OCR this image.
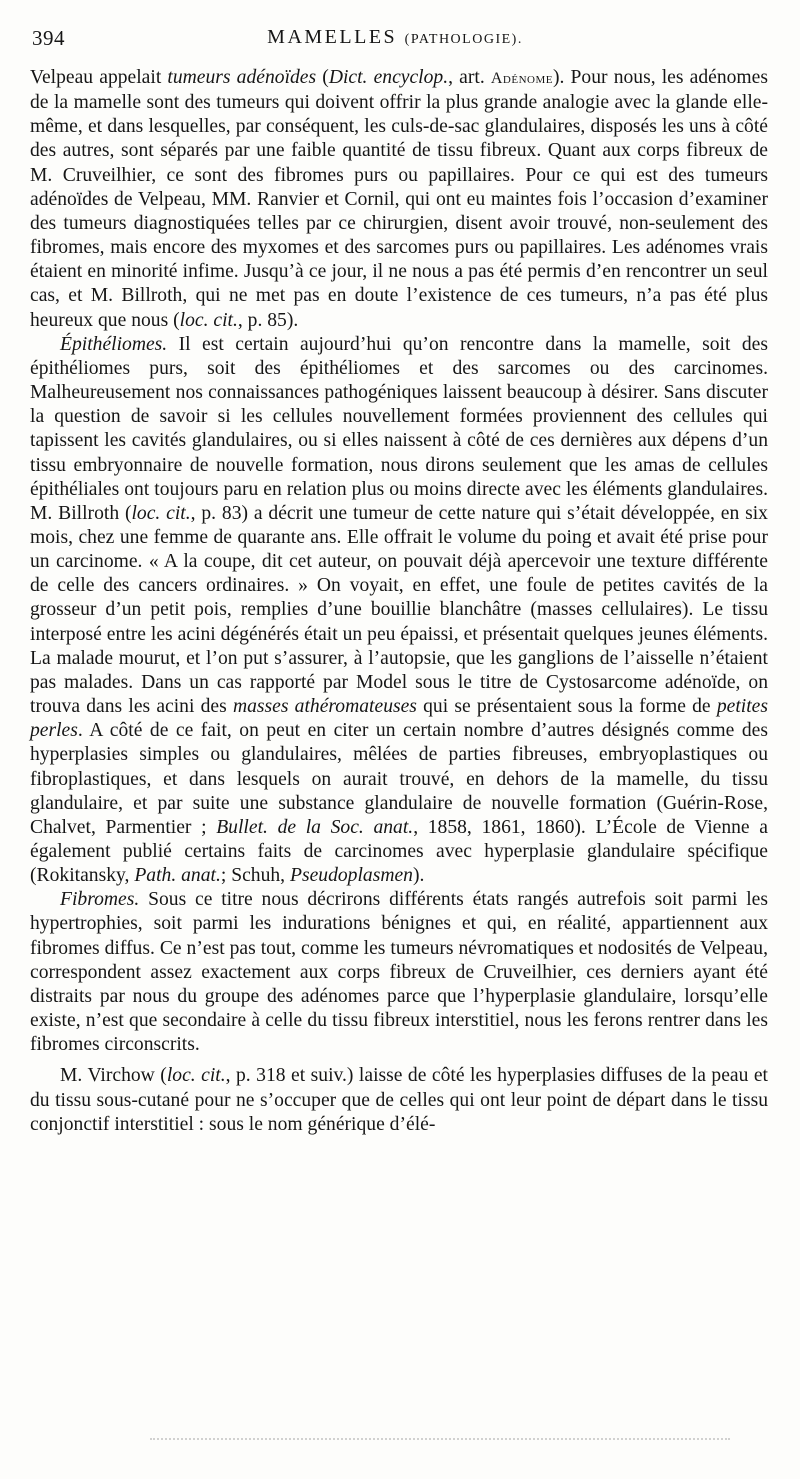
394	MAMELLES (PATHOLOGIE).

Velpeau appelait tumeurs adénoïdes (Dict. encyclop., art. Adénome). Pour nous, les adénomes de la mamelle sont des tumeurs qui doivent offrir la plus grande analogie avec la glande elle-même, et dans lesquelles, par conséquent, les culs-de-sac glandulaires, disposés les uns à côté des autres, sont séparés par une faible quantité de tissu fibreux. Quant aux corps fibreux de M. Cruveilhier, ce sont des fibromes purs ou papillaires. Pour ce qui est des tumeurs adénoïdes de Velpeau, MM. Ranvier et Cornil, qui ont eu maintes fois l’occasion d’examiner des tumeurs diagnostiquées telles par ce chirurgien, disent avoir trouvé, non-seulement des fibromes, mais encore des myxomes et des sarcomes purs ou papillaires. Les adénomes vrais étaient en minorité infime. Jusqu’à ce jour, il ne nous a pas été permis d’en rencontrer un seul cas, et M. Billroth, qui ne met pas en doute l’existence de ces tumeurs, n’a pas été plus heureux que nous (loc. cit., p. 85).

Épithéliomes. Il est certain aujourd’hui qu’on rencontre dans la mamelle, soit des épithéliomes purs, soit des épithéliomes et des sarcomes ou des carcinomes. Malheureusement nos connaissances pathogéniques laissent beaucoup à désirer. Sans discuter la question de savoir si les cellules nouvellement formées proviennent des cellules qui tapissent les cavités glandulaires, ou si elles naissent à côté de ces dernières aux dépens d’un tissu embryonnaire de nouvelle formation, nous dirons seulement que les amas de cellules épithéliales ont toujours paru en relation plus ou moins directe avec les éléments glandulaires. M. Billroth (loc. cit., p. 83) a décrit une tumeur de cette nature qui s’était développée, en six mois, chez une femme de quarante ans. Elle offrait le volume du poing et avait été prise pour un carcinome. « A la coupe, dit cet auteur, on pouvait déjà apercevoir une texture différente de celle des cancers ordinaires. » On voyait, en effet, une foule de petites cavités de la grosseur d’un petit pois, remplies d’une bouillie blanchâtre (masses cellulaires). Le tissu interposé entre les acini dégénérés était un peu épaissi, et présentait quelques jeunes éléments. La malade mourut, et l’on put s’assurer, à l’autopsie, que les ganglions de l’aisselle n’étaient pas malades. Dans un cas rapporté par Model sous le titre de Cystosarcome adénoïde, on trouva dans les acini des masses athéromateuses qui se présentaient sous la forme de petites perles. A côté de ce fait, on peut en citer un certain nombre d’autres désignés comme des hyperplasies simples ou glandulaires, mêlées de parties fibreuses, embryoplastiques ou fibroplastiques, et dans lesquels on aurait trouvé, en dehors de la mamelle, du tissu glandulaire, et par suite une substance glandulaire de nouvelle formation (Guérin-Rose, Chalvet, Parmentier ; Bullet. de la Soc. anat., 1858, 1861, 1860). L’École de Vienne a également publié certains faits de carcinomes avec hyperplasie glandulaire spécifique (Rokitansky, Path. anat.; Schuh, Pseudoplasmen).

Fibromes. Sous ce titre nous décrirons différents états rangés autrefois soit parmi les hypertrophies, soit parmi les indurations bénignes et qui, en réalité, appartiennent aux fibromes diffus. Ce n’est pas tout, comme les tumeurs névromatiques et nodosités de Velpeau, correspondent assez exactement aux corps fibreux de Cruveilhier, ces derniers ayant été distraits par nous du groupe des adénomes parce que l’hyperplasie glandulaire, lorsqu’elle existe, n’est que secondaire à celle du tissu fibreux interstitiel, nous les ferons rentrer dans les fibromes circonscrits.

M. Virchow (loc. cit., p. 318 et suiv.) laisse de côté les hyperplasies diffuses de la peau et du tissu sous-cutané pour ne s’occuper que de celles qui ont leur point de départ dans le tissu conjonctif interstitiel : sous le nom générique d’élé-
